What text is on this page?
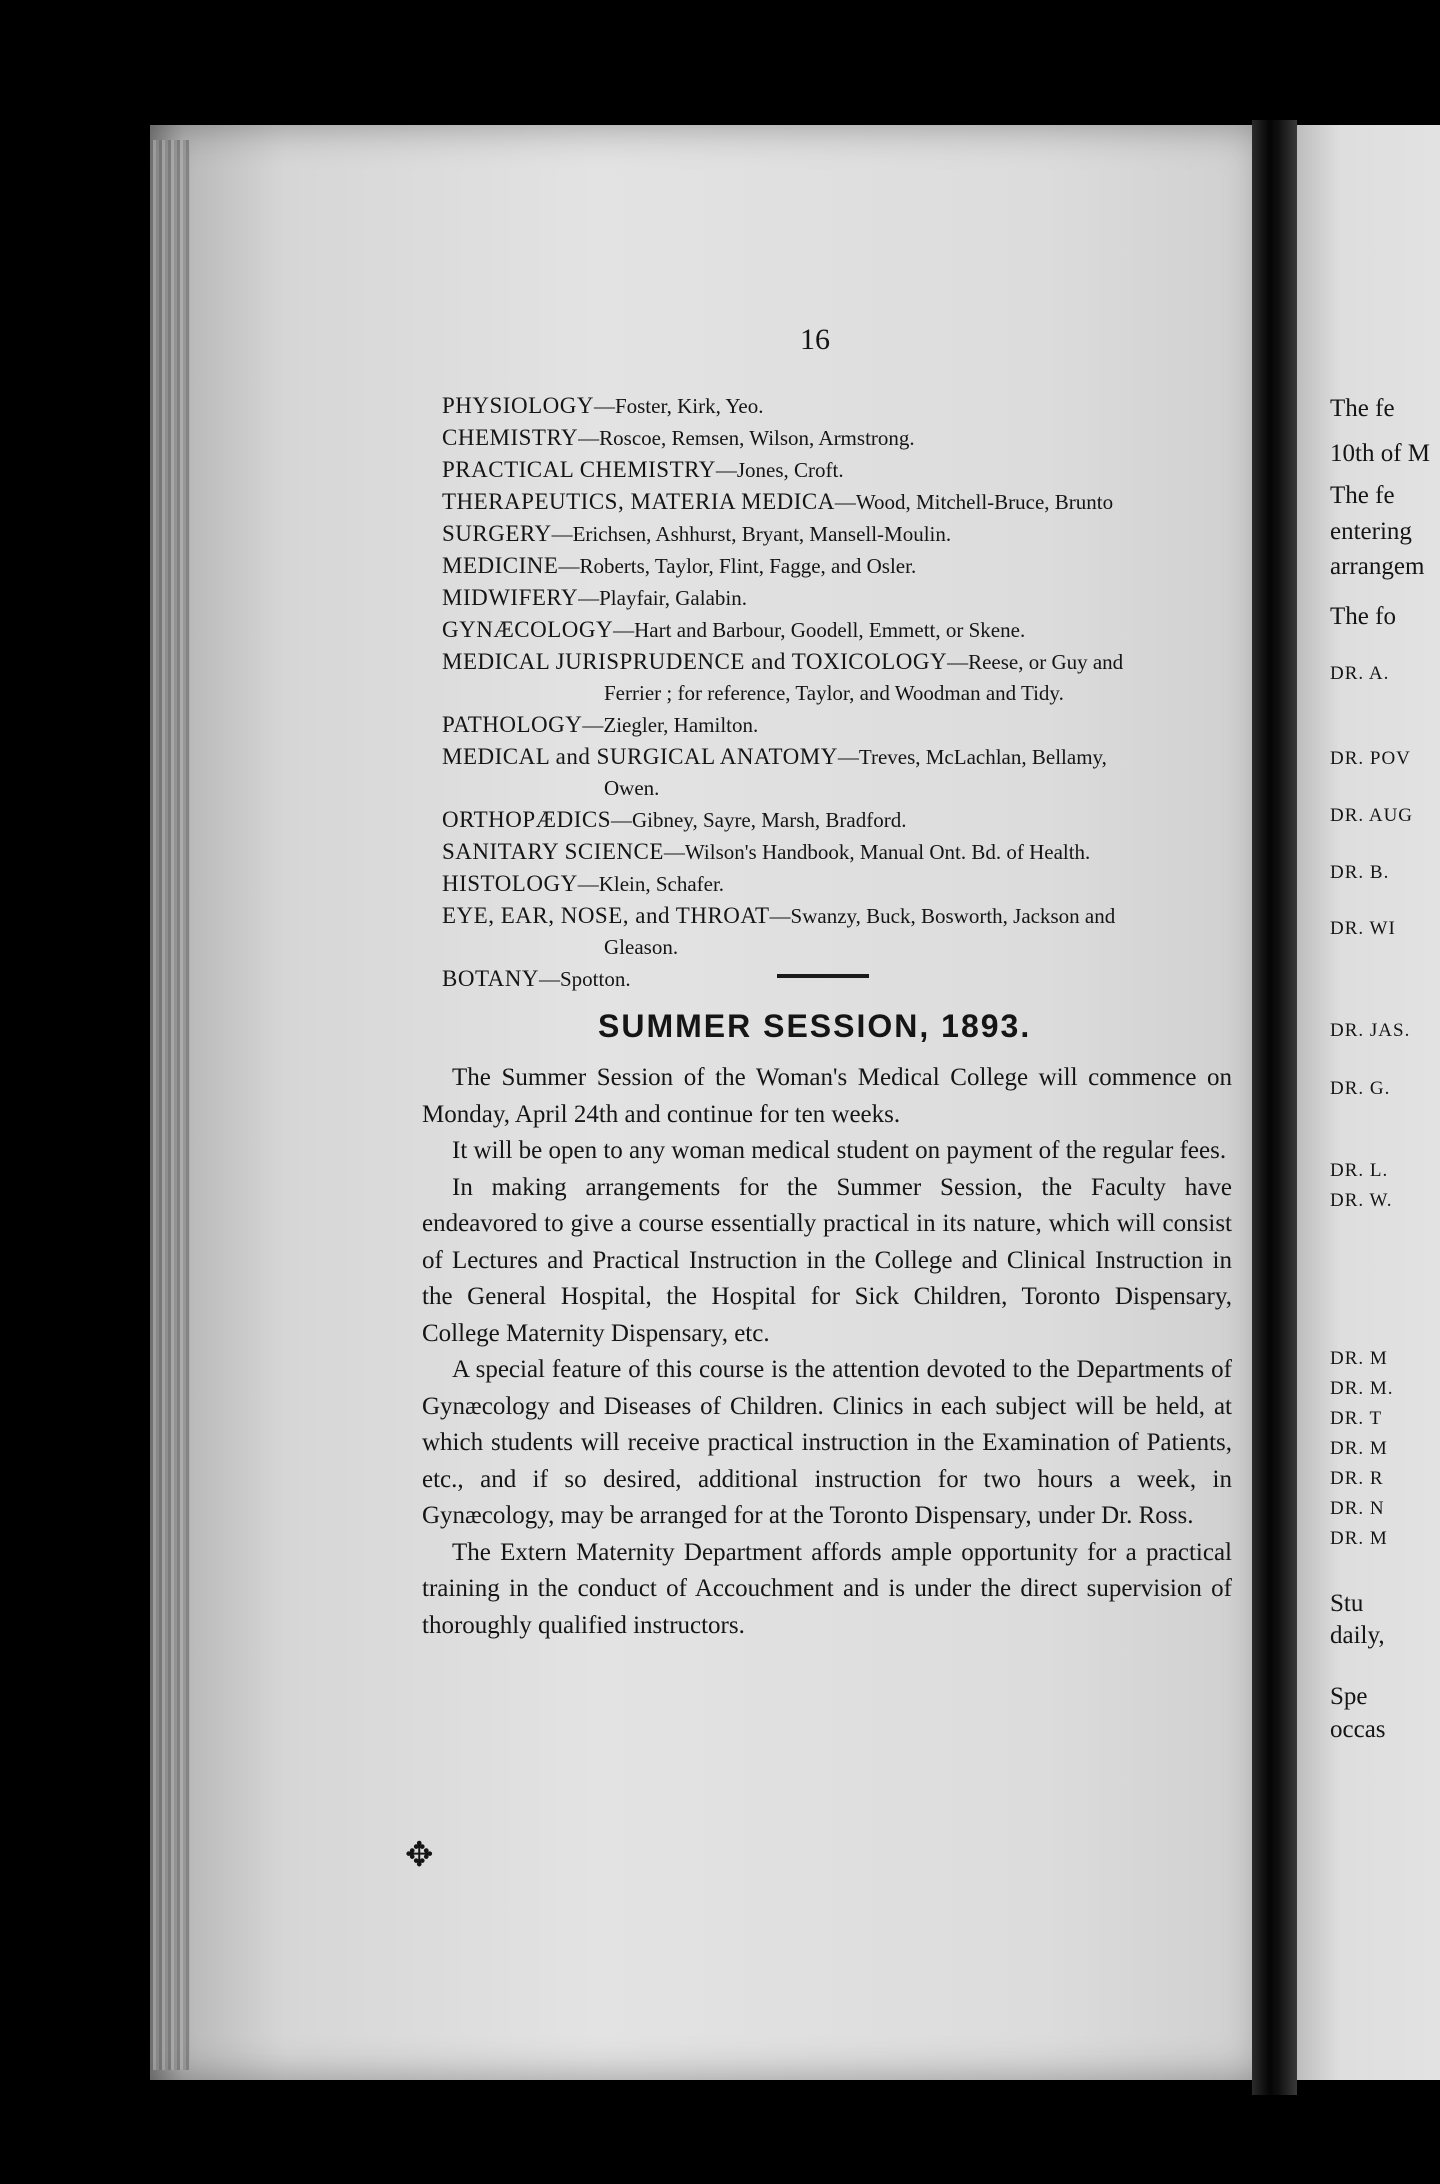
16
PHYSIOLOGY—Foster, Kirk, Yeo.
CHEMISTRY—Roscoe, Remsen, Wilson, Armstrong.
PRACTICAL CHEMISTRY—Jones, Croft.
THERAPEUTICS, MATERIA MEDICA—Wood, Mitchell-Bruce, Brunto
SURGERY—Erichsen, Ashhurst, Bryant, Mansell-Moulin.
MEDICINE—Roberts, Taylor, Flint, Fagge, and Osler.
MIDWIFERY—Playfair, Galabin.
GYNÆCOLOGY—Hart and Barbour, Goodell, Emmett, or Skene.
MEDICAL JURISPRUDENCE and TOXICOLOGY—Reese, or Guy and
Ferrier ; for reference, Taylor, and Woodman and Tidy.
PATHOLOGY—Ziegler, Hamilton.
MEDICAL and SURGICAL ANATOMY—Treves, McLachlan, Bellamy,
Owen.
ORTHOPÆDICS—Gibney, Sayre, Marsh, Bradford.
SANITARY SCIENCE—Wilson's Handbook, Manual Ont. Bd. of Health.
HISTOLOGY—Klein, Schafer.
EYE, EAR, NOSE, and THROAT—Swanzy, Buck, Bosworth, Jackson and
Gleason.
BOTANY—Spotton.
SUMMER SESSION, 1893.

The Summer Session of the Woman's Medical College will commence on Monday, April 24th and continue for ten weeks.

It will be open to any woman medical student on payment of the regular fees.

In making arrangements for the Summer Session, the Faculty have endeavored to give a course essentially practical in its nature, which will consist of Lectures and Practical Instruction in the College and Clinical Instruction in the General Hospital, the Hospital for Sick Children, Toronto Dispensary, College Maternity Dispensary, etc.

A special feature of this course is the attention devoted to the Departments of Gynæcology and Diseases of Children. Clinics in each subject will be held, at which students will receive practical instruction in the Examination of Patients, etc., and if so desired, additional instruction for two hours a week, in Gynæcology, may be arranged for at the Toronto Dispensary, under Dr. Ross.

The Extern Maternity Department affords ample opportunity for a practical training in the conduct of Accouchment and is under the direct supervision of thoroughly qualified instructors.

✥
The fe
10th of M
The fe
entering
arrangem
The fo
DR. A.
DR. POV
DR. AUG
DR. B.
DR. WI
DR. JAS.
DR. G.
DR. L.
DR. W.
DR. M
DR. M.
DR. T
DR. M
DR. R
DR. N
DR. M
Stu
daily,
Spe
occas
